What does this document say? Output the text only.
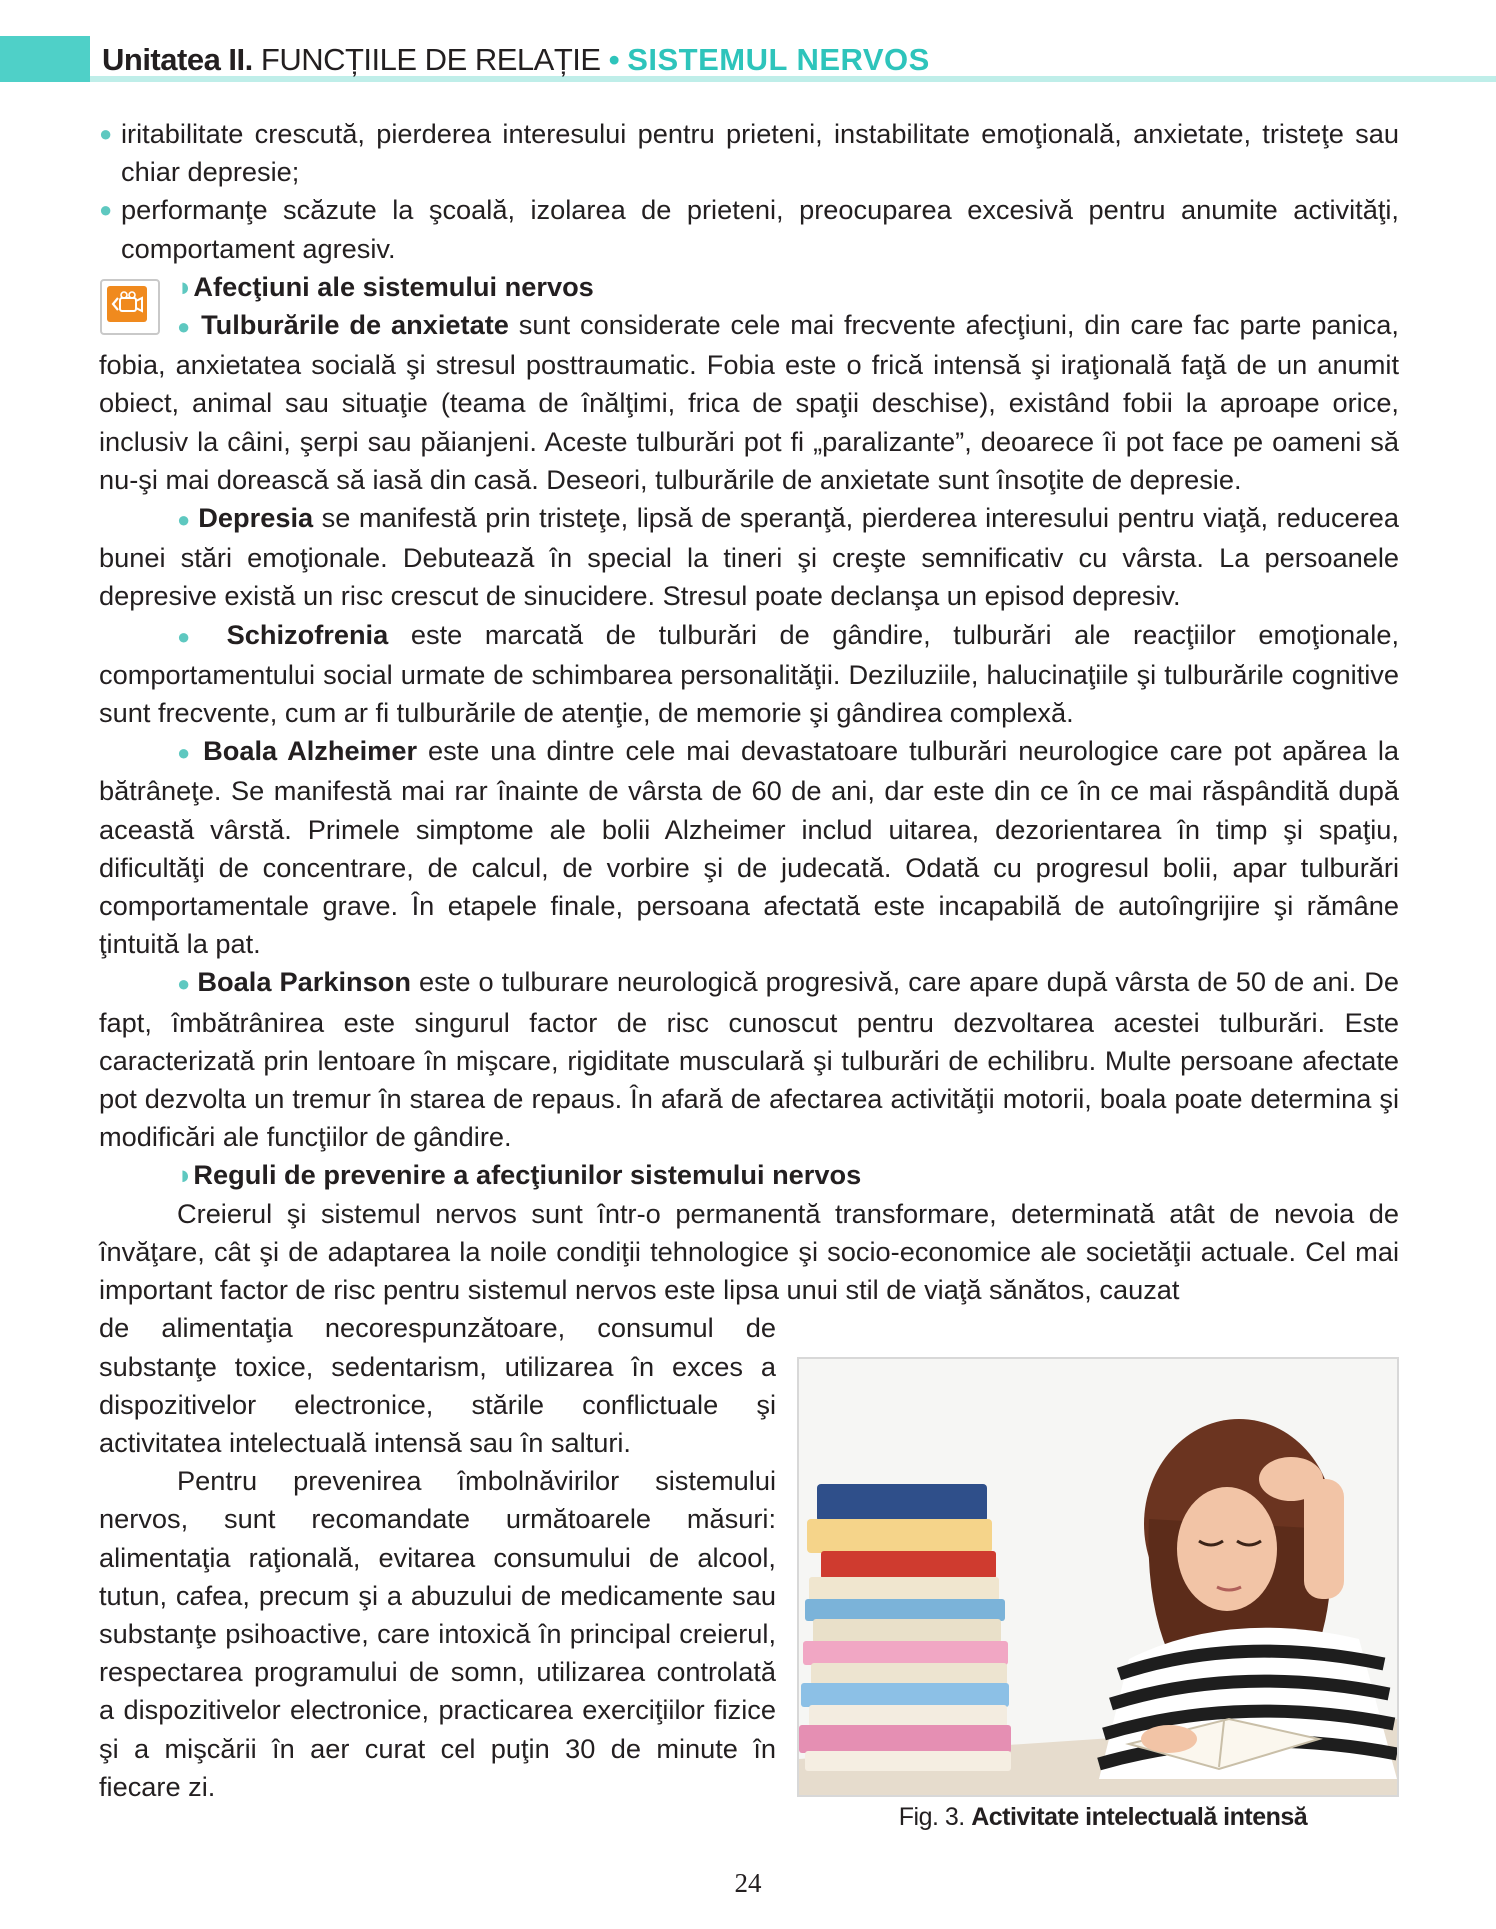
Unitatea II. FUNCȚIILE DE RELAȚIE • SISTEMUL NERVOS

● iritabilitate crescută, pierderea interesului pentru prieteni, instabilitate emoţională, anxietate, tristeţe sau chiar depresie;

● performanţe scăzute la şcoală, izolarea de prieteni, preocuparea excesivă pentru anumite activităţi, comportament agresiv.

◗Afecţiuni ale sistemului nervos

● Tulburările de anxietate sunt considerate cele mai frecvente afecţiuni, din care fac parte panica, fobia, anxietatea socială şi stresul posttraumatic. Fobia este o frică intensă şi iraţională faţă de un anumit obiect, animal sau situaţie (teama de înălţimi, frica de spaţii deschise), existând fobii la aproape orice, inclusiv la câini, şerpi sau păianjeni. Aceste tulburări pot fi „paralizante”, deoarece îi pot face pe oameni să nu-şi mai dorească să iasă din casă. Deseori, tulburările de anxietate sunt însoţite de depresie.

● Depresia se manifestă prin tristeţe, lipsă de speranţă, pierderea interesului pentru viaţă, reducerea bunei stări emoţionale. Debutează în special la tineri şi creşte semnificativ cu vârsta. La persoanele depresive există un risc crescut de sinucidere. Stresul poate declanşa un episod depresiv.

● Schizofrenia este marcată de tulburări de gândire, tulburări ale reacţiilor emoţionale, comportamentului social urmate de schimbarea personalităţii. Deziluziile, halucinaţiile şi tulburările cognitive sunt frecvente, cum ar fi tulburările de atenţie, de memorie şi gândirea complexă.

● Boala Alzheimer este una dintre cele mai devastatoare tulburări neurologice care pot apărea la bătrâneţe. Se manifestă mai rar înainte de vârsta de 60 de ani, dar este din ce în ce mai răspândită după această vârstă. Primele simptome ale bolii Alzheimer includ uitarea, dezorientarea în timp şi spaţiu, dificultăţi de concentrare, de calcul, de vorbire şi de judecată. Odată cu progresul bolii, apar tulburări comportamentale grave. În etapele finale, persoana afectată este incapabilă de autoîngrijire şi rămâne ţintuită la pat.

● Boala Parkinson este o tulburare neurologică progresivă, care apare după vârsta de 50 de ani. De fapt, îmbătrânirea este singurul factor de risc cunoscut pentru dezvoltarea acestei tulburări. Este caracterizată prin lentoare în mişcare, rigiditate musculară şi tulburări de echilibru. Multe persoane afectate pot dezvolta un tremur în starea de repaus. În afară de afectarea activităţii motorii, boala poate determina şi modificări ale funcţiilor de gândire.

◗Reguli de prevenire a afecţiunilor sistemului nervos

Creierul şi sistemul nervos sunt într-o permanentă transformare, determinată atât de nevoia de învăţare, cât şi de adaptarea la noile condiţii tehnologice şi socio-economice ale societăţii actuale. Cel mai important factor de risc pentru sistemul nervos este lipsa unui stil de viaţă sănătos, cauzat

de alimentaţia necorespunzătoare, consumul de substanţe toxice, sedentarism, utilizarea în exces a dispozitivelor electronice, stările conflictuale şi activitatea intelectuală intensă sau în salturi.

Pentru prevenirea îmbolnăvirilor sistemului nervos, sunt recomandate următoarele măsuri: alimentaţia raţională, evitarea consumului de alcool, tutun, cafea, precum şi a abuzului de medicamente sau substanţe psihoactive, care intoxică în principal creierul, respectarea programului de somn, utilizarea controlată a dispozitivelor electronice, practicarea exerciţiilor fizice şi a mişcării în aer curat cel puţin 30 de minute în fiecare zi.

Fig. 3. Activitate intelectuală intensă
24
